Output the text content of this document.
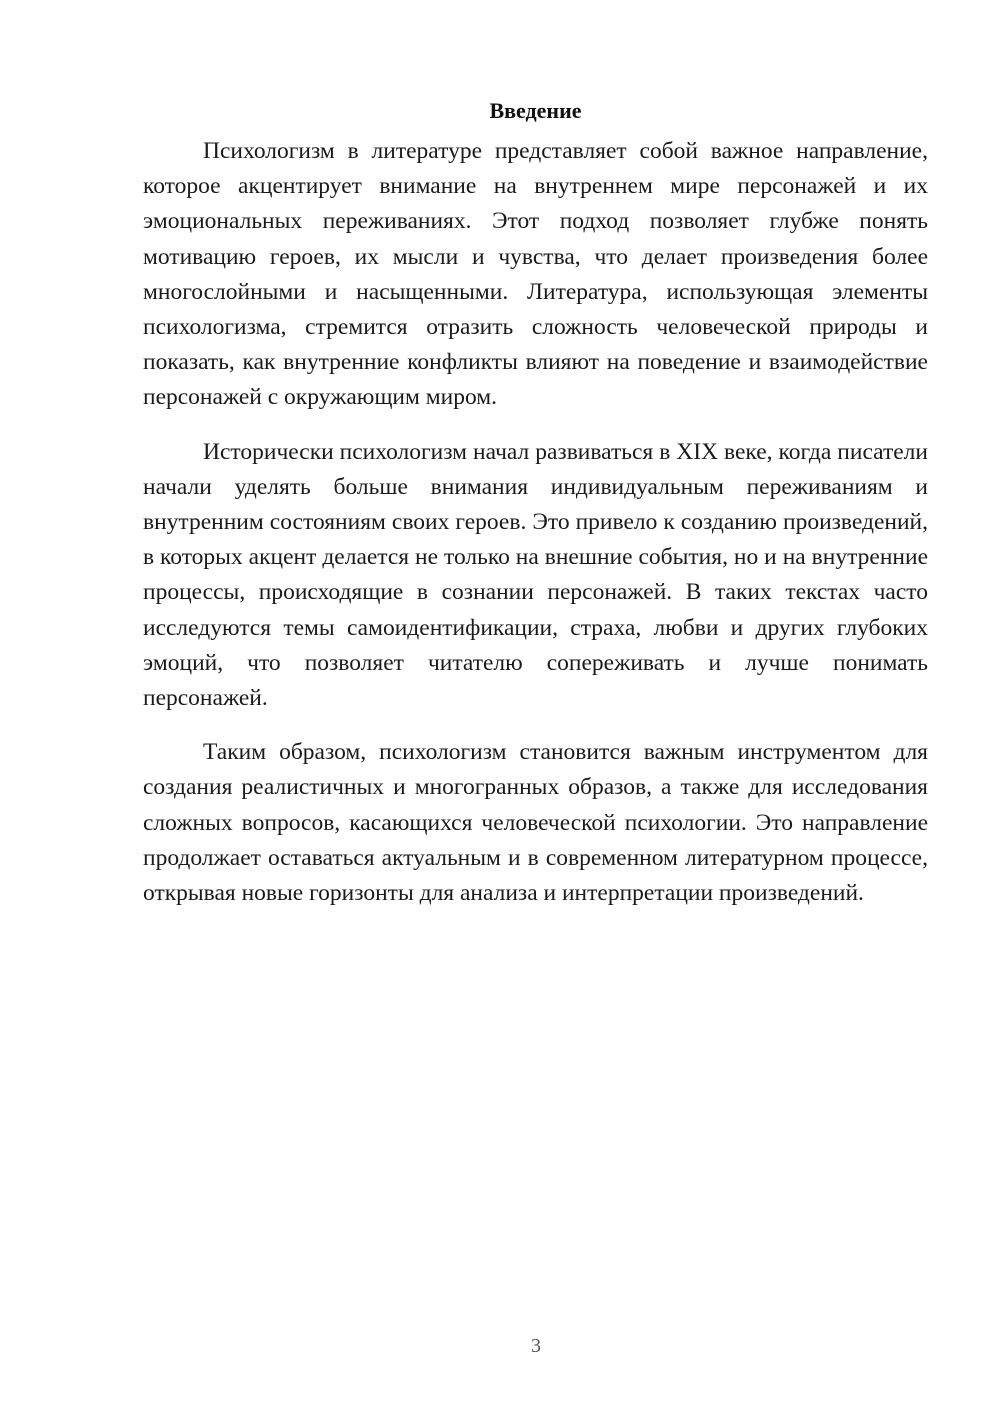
Введение

Психологизм в литературе представляет собой важное направление, которое акцентирует внимание на внутреннем мире персонажей и их эмоциональных переживаниях. Этот подход позволяет глубже понять мотивацию героев, их мысли и чувства, что делает произведения более многослойными и насыщенными. Литература, использующая элементы психологизма, стремится отразить сложность человеческой природы и показать, как внутренние конфликты влияют на поведение и взаимодействие персонажей с окружающим миром.

Исторически психологизм начал развиваться в XIX веке, когда писатели начали уделять больше внимания индивидуальным переживаниям и внутренним состояниям своих героев. Это привело к созданию произведений, в которых акцент делается не только на внешние события, но и на внутренние процессы, происходящие в сознании персонажей. В таких текстах часто исследуются темы самоидентификации, страха, любви и других глубоких эмоций, что позволяет читателю сопереживать и лучше понимать персонажей.

Таким образом, психологизм становится важным инструментом для создания реалистичных и многогранных образов, а также для исследования сложных вопросов, касающихся человеческой психологии. Это направление продолжает оставаться актуальным и в современном литературном процессе, открывая новые горизонты для анализа и интерпретации произведений.

3
